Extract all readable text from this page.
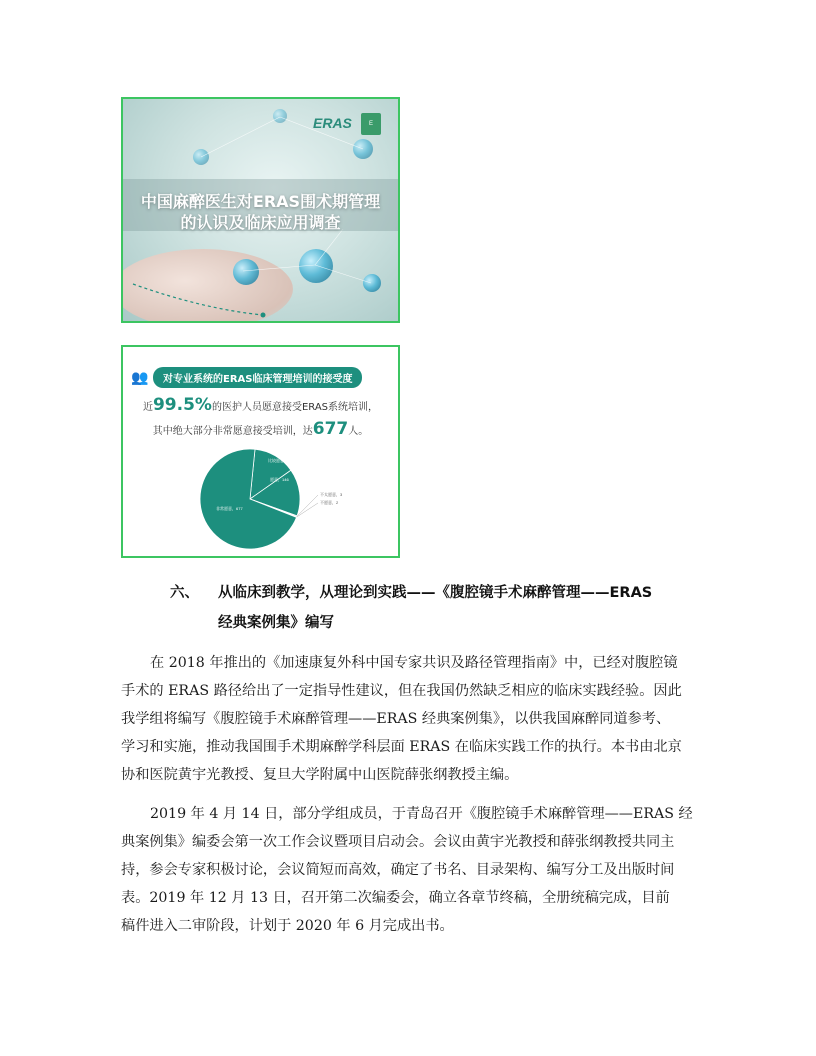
ERAS	E
中国麻醉医生对ERAS围术期管理
的认识及临床应用调查
👥	对专业系统的ERAS临床管理培训的接受度
近99.5%的医护人员愿意接受ERAS系统培训，
其中绝大部分非常愿意接受培训，达677人。
非常愿意，677
比较愿意，131
愿意，146
不太愿意，3
不愿意，2
六、 从临床到教学，从理论到实践——《腹腔镜手术麻醉管理——ERAS
经典案例集》编写
在 2018 年推出的《加速康复外科中国专家共识及路径管理指南》中，已经对腹腔镜
手术的 ERAS 路径给出了一定指导性建议，但在我国仍然缺乏相应的临床实践经验。因此
我学组将编写《腹腔镜手术麻醉管理——ERAS 经典案例集》，以供我国麻醉同道参考、
学习和实施，推动我国围手术期麻醉学科层面 ERAS 在临床实践工作的执行。本书由北京
协和医院黄宇光教授、复旦大学附属中山医院薛张纲教授主编。
2019 年 4 月 14 日，部分学组成员，于青岛召开《腹腔镜手术麻醉管理——ERAS 经
典案例集》编委会第一次工作会议暨项目启动会。会议由黄宇光教授和薛张纲教授共同主
持，参会专家积极讨论，会议简短而高效，确定了书名、目录架构、编写分工及出版时间
表。2019 年 12 月 13 日，召开第二次编委会，确立各章节终稿，全册统稿完成，目前
稿件进入二审阶段，计划于 2020 年 6 月完成出书。
